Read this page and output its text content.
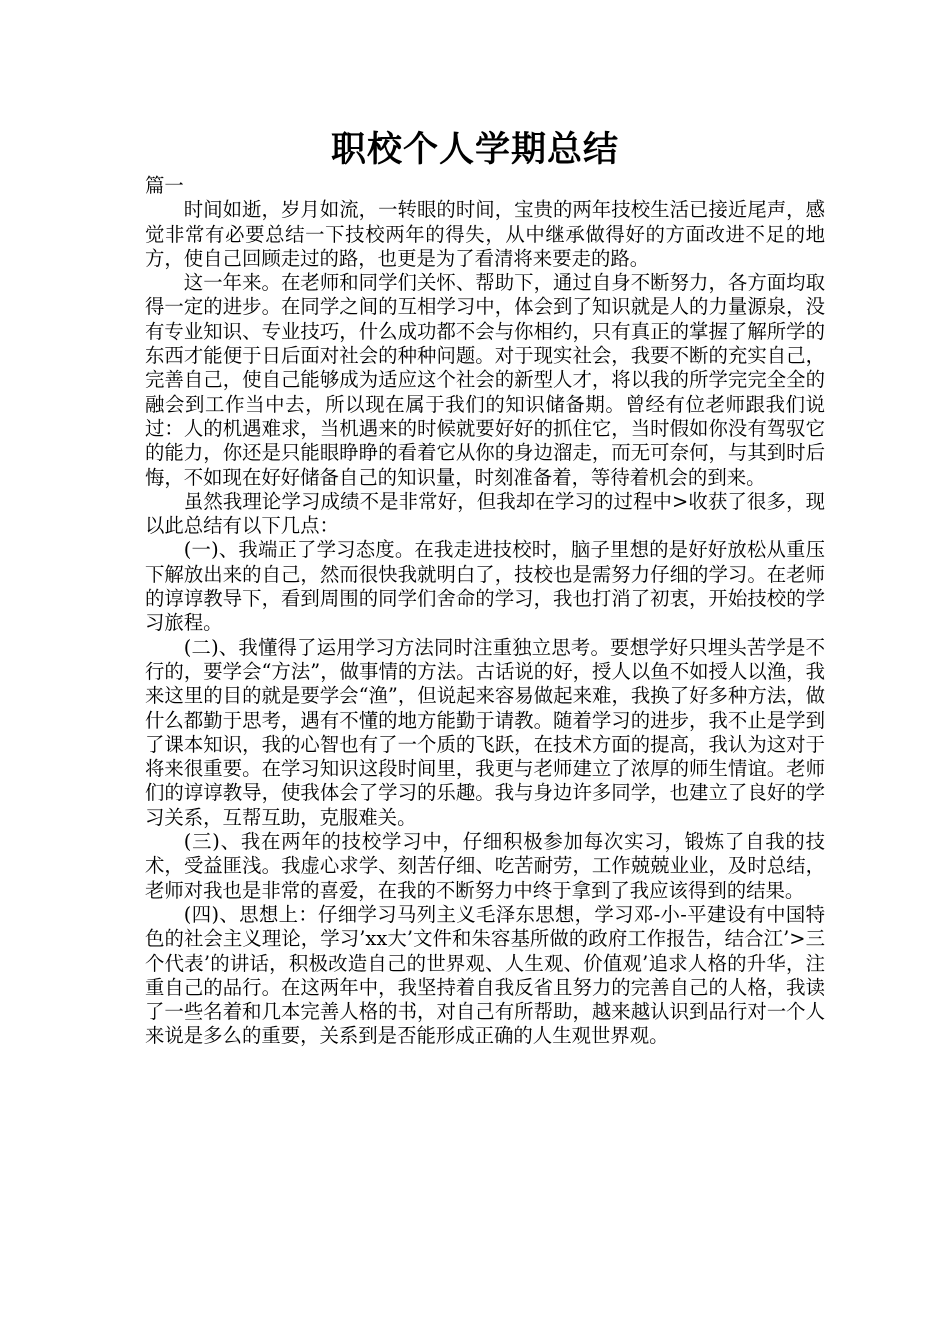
职校个人学期总结

篇一

时间如逝，岁月如流，一转眼的时间，宝贵的两年技校生活已接近尾声，感觉非常有必要总结一下技校两年的得失，从中继承做得好的方面改进不足的地方，使自己回顾走过的路，也更是为了看清将来要走的路。

这一年来。在老师和同学们关怀、帮助下，通过自身不断努力，各方面均取得一定的进步。在同学之间的互相学习中，体会到了知识就是人的力量源泉，没有专业知识、专业技巧，什么成功都不会与你相约，只有真正的掌握了解所学的东西才能便于日后面对社会的种种问题。对于现实社会，我要不断的充实自己，完善自己，使自己能够成为适应这个社会的新型人才，将以我的所学完完全全的融会到工作当中去，所以现在属于我们的知识储备期。曾经有位老师跟我们说过：人的机遇难求，当机遇来的时候就要好好的抓住它，当时假如你没有驾驭它的能力，你还是只能眼睁睁的看着它从你的身边溜走，而无可奈何，与其到时后悔，不如现在好好储备自己的知识量，时刻准备着，等待着机会的到来。

虽然我理论学习成绩不是非常好，但我却在学习的过程中>收获了很多，现以此总结有以下几点：

(一)、我端正了学习态度。在我走进技校时，脑子里想的是好好放松从重压下解放出来的自己，然而很快我就明白了，技校也是需努力仔细的学习。在老师的谆谆教导下，看到周围的同学们舍命的学习，我也打消了初衷，开始技校的学习旅程。

(二)、我懂得了运用学习方法同时注重独立思考。要想学好只埋头苦学是不行的，要学会“方法”，做事情的方法。古话说的好，授人以鱼不如授人以渔，我来这里的目的就是要学会“渔”，但说起来容易做起来难，我换了好多种方法，做什么都勤于思考，遇有不懂的地方能勤于请教。随着学习的进步，我不止是学到了课本知识，我的心智也有了一个质的飞跃，在技术方面的提高，我认为这对于将来很重要。在学习知识这段时间里，我更与老师建立了浓厚的师生情谊。老师们的谆谆教导，使我体会了学习的乐趣。我与身边许多同学，也建立了良好的学习关系，互帮互助，克服难关。

(三)、我在两年的技校学习中，仔细积极参加每次实习，锻炼了自我的技术，受益匪浅。我虚心求学、刻苦仔细、吃苦耐劳，工作兢兢业业，及时总结，老师对我也是非常的喜爱，在我的不断努力中终于拿到了我应该得到的结果。

(四)、思想上：仔细学习马列主义毛泽东思想，学习邓-小-平建设有中国特色的社会主义理论，学习’xx大’文件和朱容基所做的政府工作报告，结合江’>三个代表’的讲话，积极改造自己的世界观、人生观、价值观’追求人格的升华，注重自己的品行。在这两年中，我坚持着自我反省且努力的完善自己的人格，我读了一些名着和几本完善人格的书，对自己有所帮助，越来越认识到品行对一个人来说是多么的重要，关系到是否能形成正确的人生观世界观。
